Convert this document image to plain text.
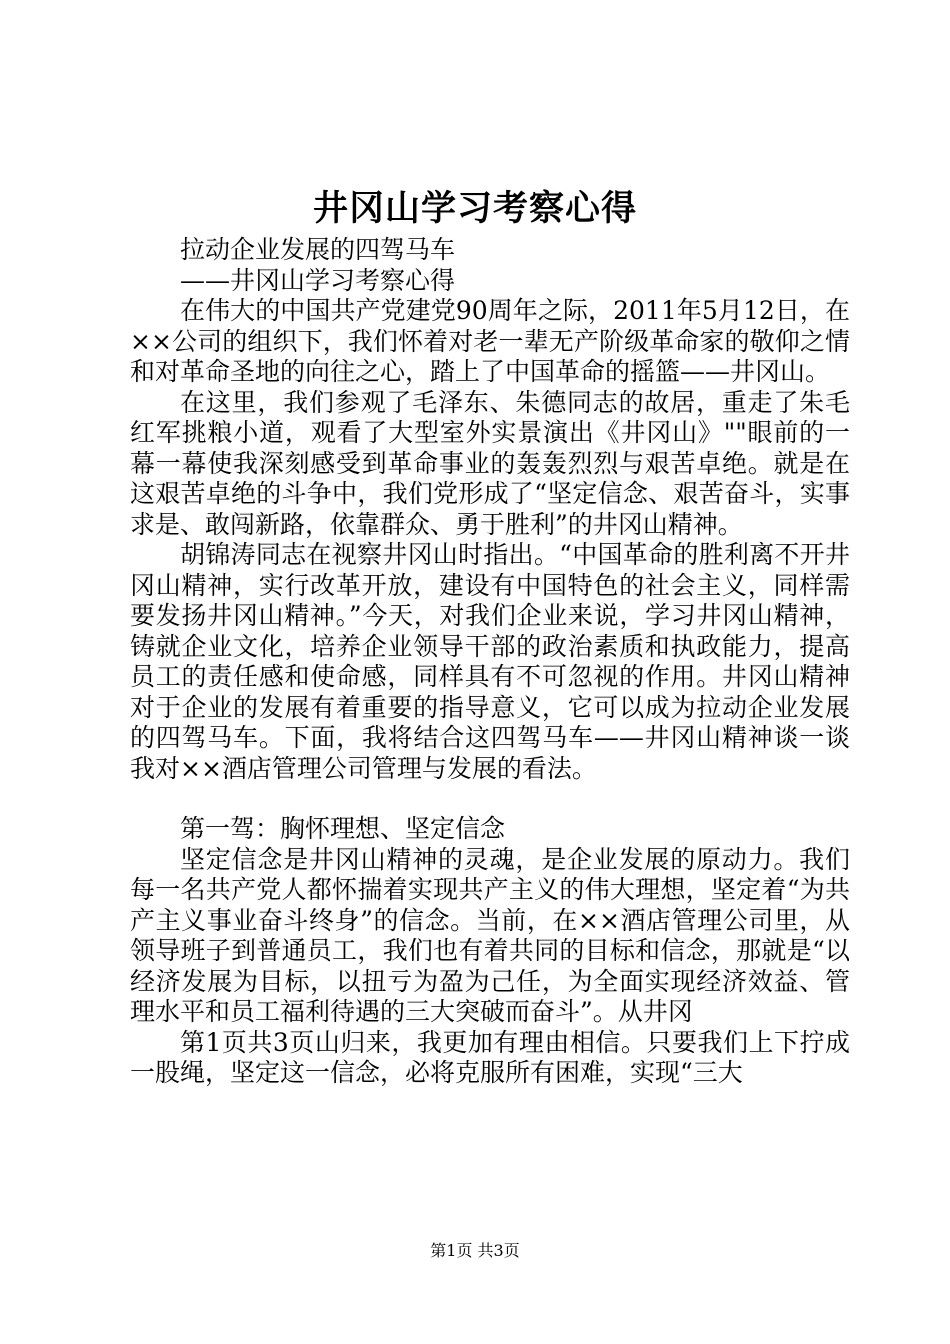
井冈山学习考察心得

拉动企业发展的四驾马车

——井冈山学习考察心得

在伟大的中国共产党建党90周年之际，2011年5月12日，在××公司的组织下，我们怀着对老一辈无产阶级革命家的敬仰之情和对革命圣地的向往之心，踏上了中国革命的摇篮——井冈山。

在这里，我们参观了毛泽东、朱德同志的故居，重走了朱毛红军挑粮小道，观看了大型室外实景演出《井冈山》""眼前的一幕一幕使我深刻感受到革命事业的轰轰烈烈与艰苦卓绝。就是在这艰苦卓绝的斗争中，我们党形成了“坚定信念、艰苦奋斗，实事求是、敢闯新路，依靠群众、勇于胜利”的井冈山精神。

胡锦涛同志在视察井冈山时指出。“中国革命的胜利离不开井冈山精神，实行改革开放，建设有中国特色的社会主义，同样需要发扬井冈山精神。”今天，对我们企业来说，学习井冈山精神，铸就企业文化，培养企业领导干部的政治素质和执政能力，提高员工的责任感和使命感，同样具有不可忽视的作用。井冈山精神对于企业的发展有着重要的指导意义，它可以成为拉动企业发展的四驾马车。下面，我将结合这四驾马车——井冈山精神谈一谈我对××酒店管理公司管理与发展的看法。

第一驾：胸怀理想、坚定信念

坚定信念是井冈山精神的灵魂，是企业发展的原动力。我们每一名共产党人都怀揣着实现共产主义的伟大理想，坚定着“为共产主义事业奋斗终身”的信念。当前，在××酒店管理公司里，从领导班子到普通员工，我们也有着共同的目标和信念，那就是“以经济发展为目标，以扭亏为盈为己任，为全面实现经济效益、管理水平和员工福利待遇的三大突破而奋斗”。从井冈

第1页共3页山归来，我更加有理由相信。只要我们上下拧成一股绳，坚定这一信念，必将克服所有困难，实现“三大

第1页 共3页
